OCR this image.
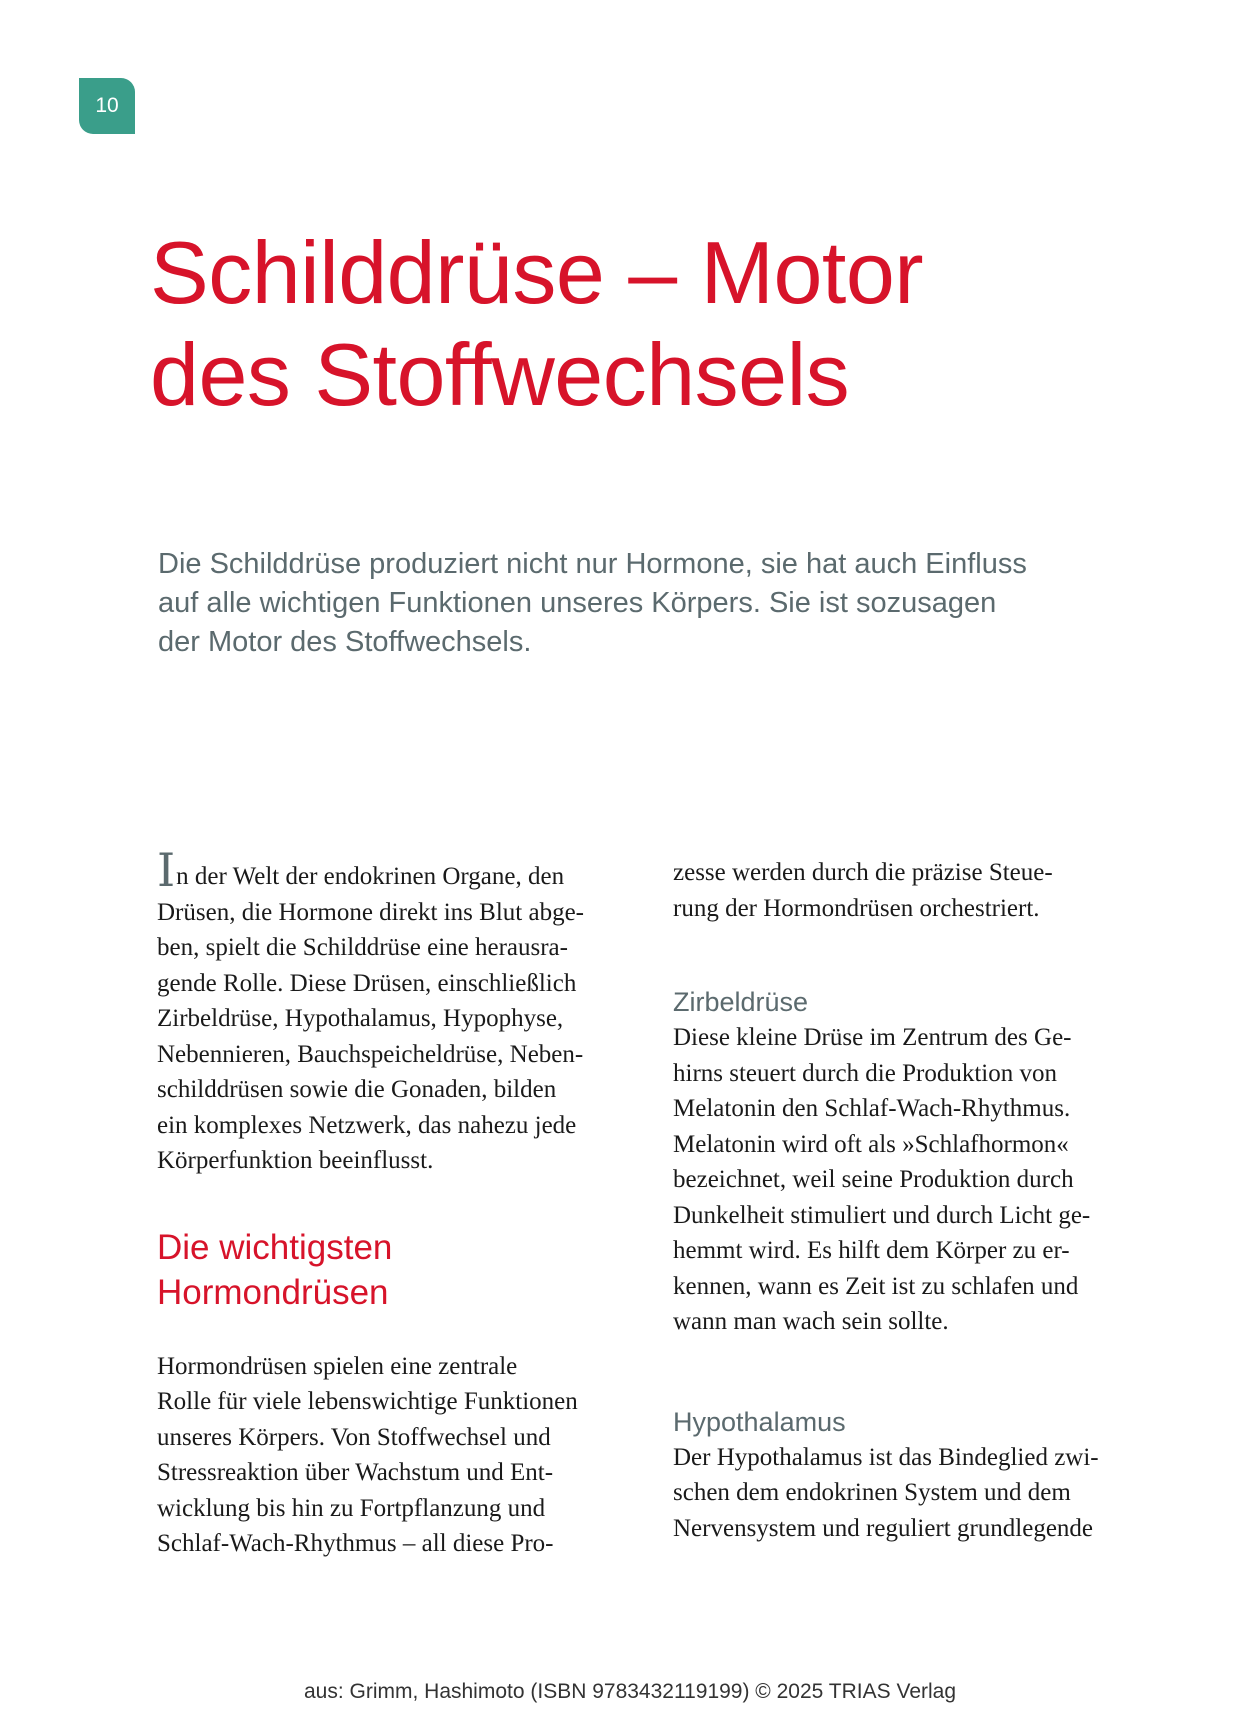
10
Schilddrüse – Motor
des Stoffwechsels

Die Schilddrüse produziert nicht nur Hormone, sie hat auch Einfluss
auf alle wichtigen Funktionen unseres Körpers. Sie ist sozusagen
der Motor des Stoffwechsels.

In der Welt der endokrinen Organe, den
Drüsen, die Hormone direkt ins Blut abge-
ben, spielt die Schilddrüse eine herausra-
gende Rolle. Diese Drüsen, einschließlich
Zirbeldrüse, Hypothalamus, Hypophyse,
Nebennieren, Bauchspeicheldrüse, Neben-
schilddrüsen sowie die Gonaden, bilden
ein komplexes Netzwerk, das nahezu jede
Körperfunktion beeinflusst.
Die wichtigsten
Hormondrüsen
Hormondrüsen spielen eine zentrale
Rolle für viele lebenswichtige Funktionen
unseres Körpers. Von Stoffwechsel und
Stressreaktion über Wachstum und Ent-
wicklung bis hin zu Fortpflanzung und
Schlaf-Wach-Rhythmus – all diese Pro-
zesse werden durch die präzise Steue-
rung der Hormondrüsen orchestriert.
Zirbeldrüse
Diese kleine Drüse im Zentrum des Ge-
hirns steuert durch die Produktion von
Melatonin den Schlaf-Wach-Rhythmus.
Melatonin wird oft als »Schlafhormon«
bezeichnet, weil seine Produktion durch
Dunkelheit stimuliert und durch Licht ge-
hemmt wird. Es hilft dem Körper zu er-
kennen, wann es Zeit ist zu schlafen und
wann man wach sein sollte.
Hypothalamus
Der Hypothalamus ist das Bindeglied zwi-
schen dem endokrinen System und dem
Nervensystem und reguliert grundlegende
aus: Grimm, Hashimoto (ISBN 9783432119199) © 2025 TRIAS Verlag
